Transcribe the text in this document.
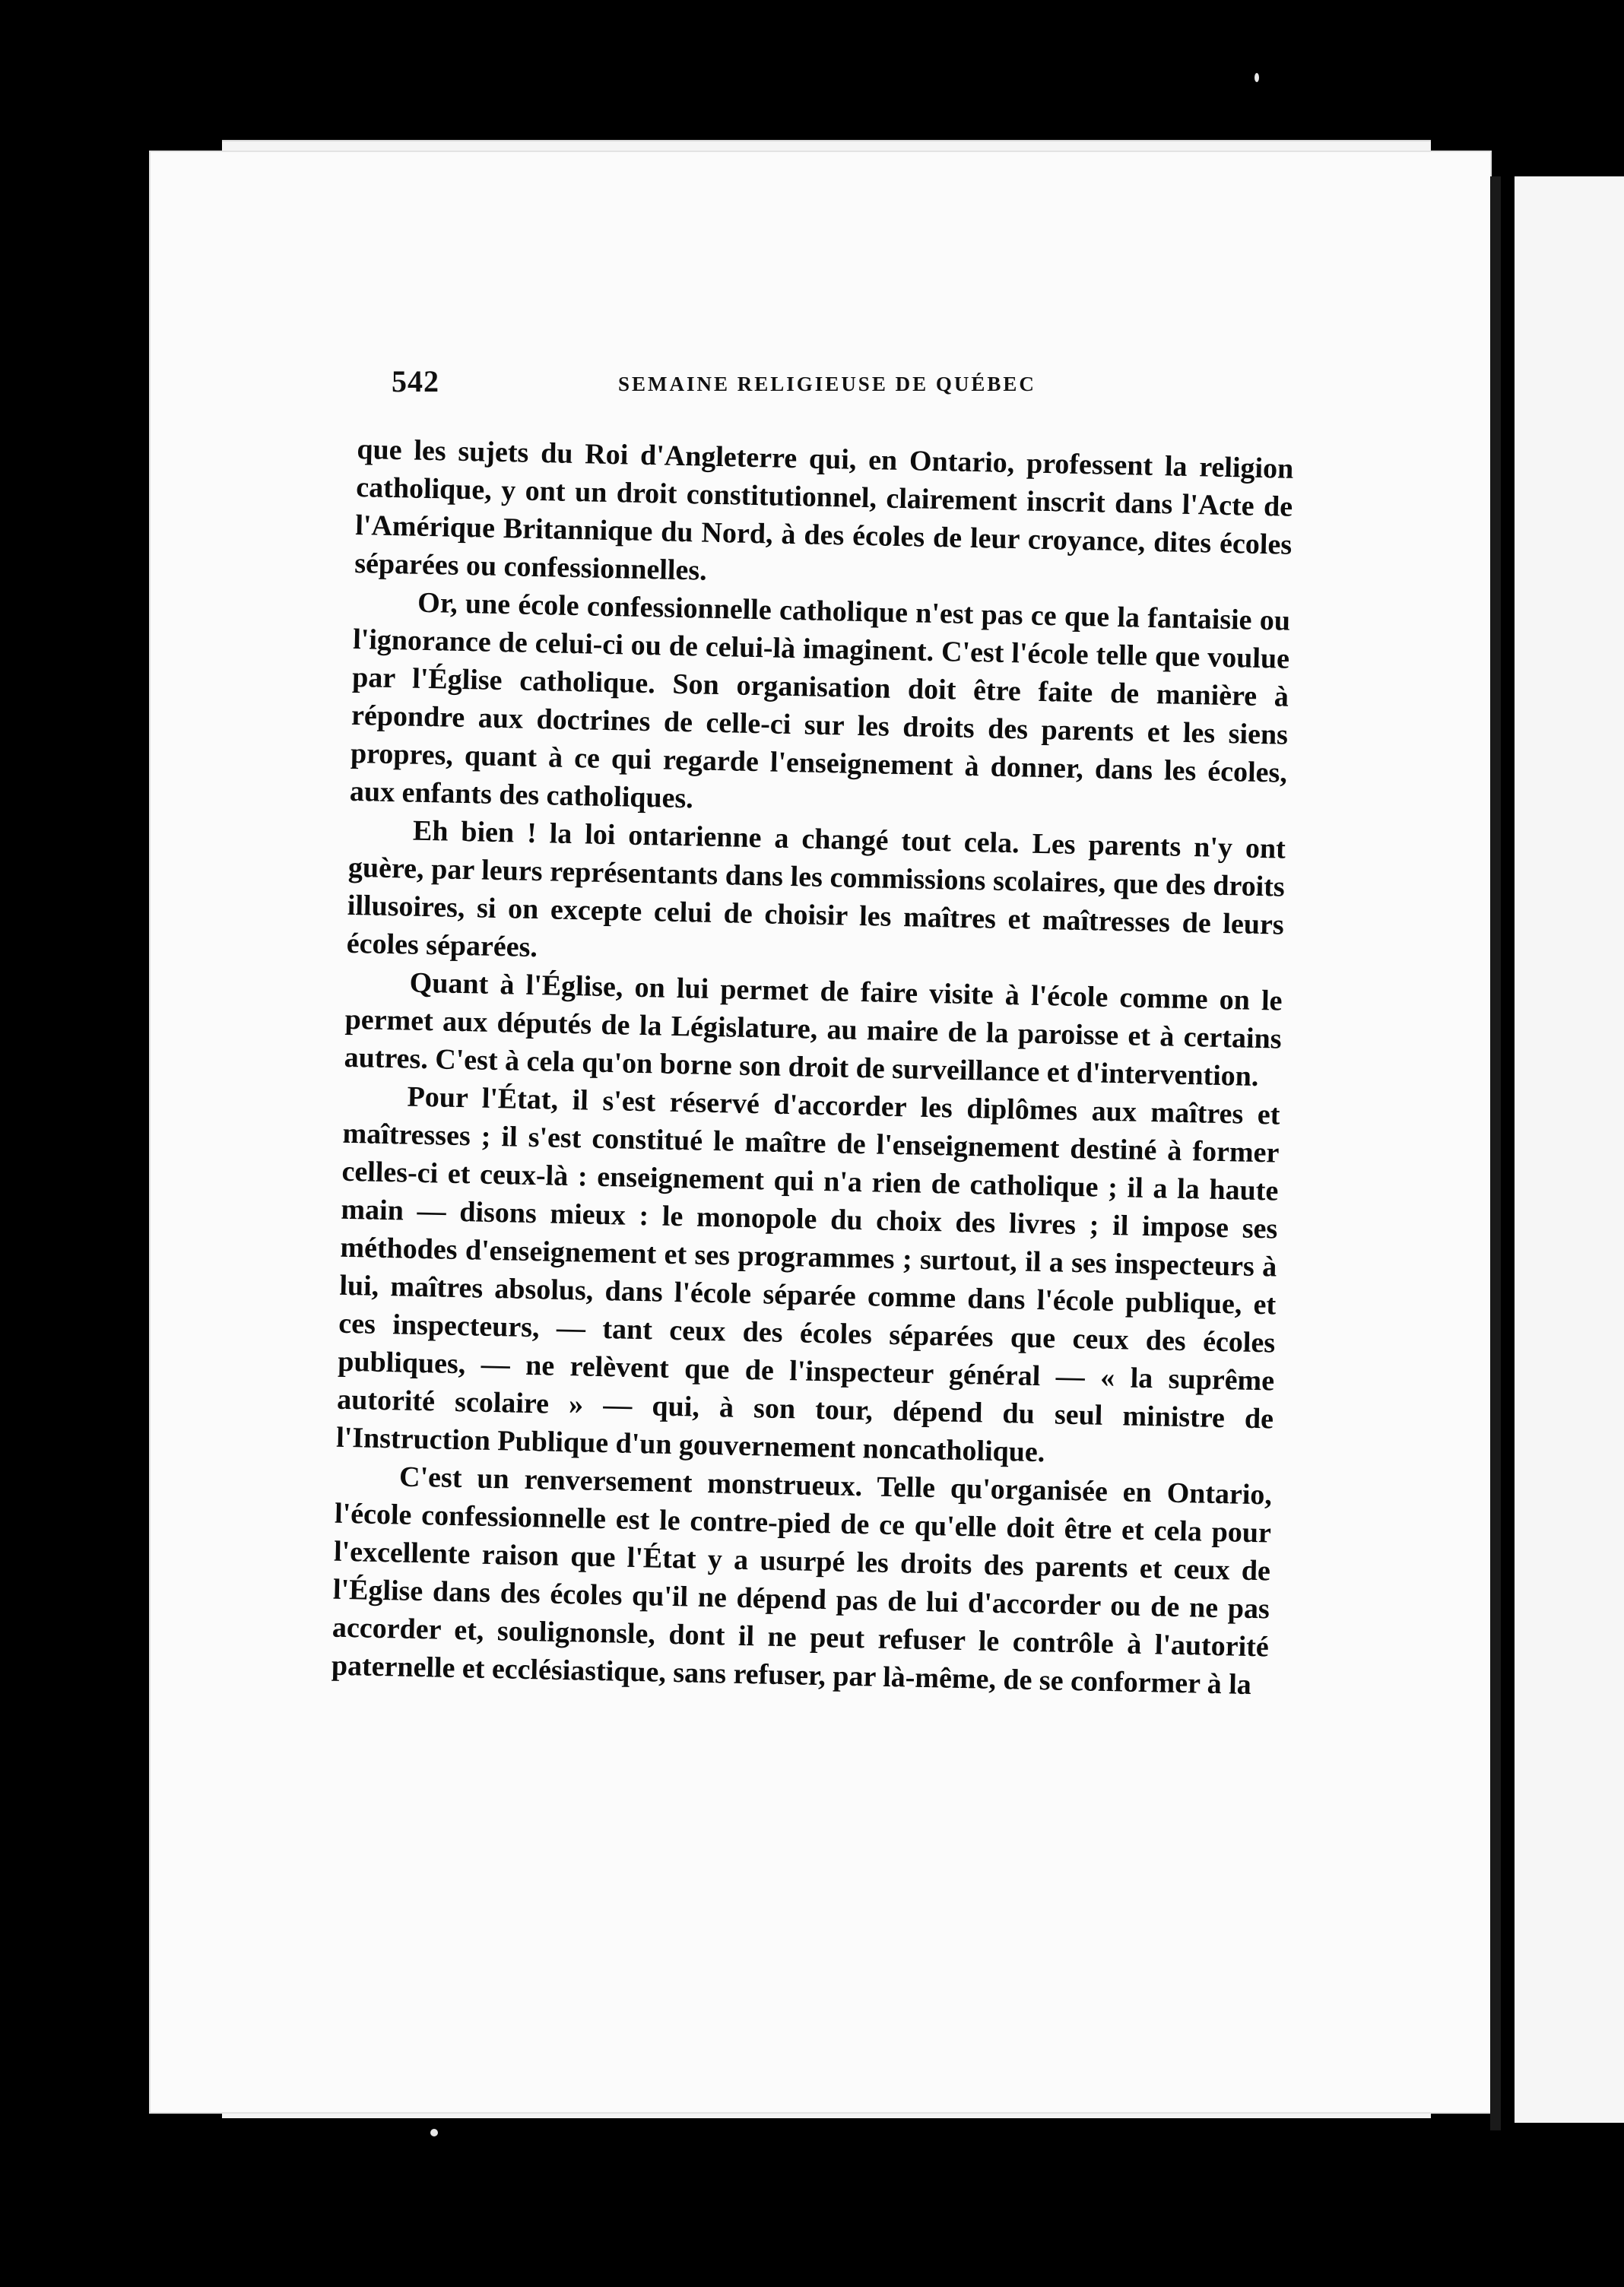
542	SEMAINE RELIGIEUSE DE QUÉBEC

que les sujets du Roi d'Angleterre qui, en Ontario, professent la religion catholique, y ont un droit constitutionnel, clairement inscrit dans l'Acte de l'Amérique Britannique du Nord, à des écoles de leur croyance, dites écoles séparées ou confessionnelles.

Or, une école confessionnelle catholique n'est pas ce que la fantaisie ou l'ignorance de celui-ci ou de celui-là imaginent. C'est l'école telle que voulue par l'Église catholique. Son organisation doit être faite de manière à répondre aux doctrines de celle-ci sur les droits des parents et les siens propres, quant à ce qui regarde l'enseignement à donner, dans les écoles, aux enfants des catholiques.

Eh bien ! la loi ontarienne a changé tout cela. Les parents n'y ont guère, par leurs représentants dans les commissions scolaires, que des droits illusoires, si on excepte celui de choisir les maîtres et maîtresses de leurs écoles séparées.

Quant à l'Église, on lui permet de faire visite à l'école comme on le permet aux députés de la Législature, au maire de la paroisse et à certains autres. C'est à cela qu'on borne son droit de surveillance et d'intervention.

Pour l'État, il s'est réservé d'accorder les diplômes aux maîtres et maîtresses ; il s'est constitué le maître de l'enseignement destiné à former celles-ci et ceux-là : enseignement qui n'a rien de catholique ; il a la haute main — disons mieux : le monopole du choix des livres ; il impose ses méthodes d'enseignement et ses programmes ; surtout, il a ses inspecteurs à lui, maîtres absolus, dans l'école séparée comme dans l'école publique, et ces inspecteurs, — tant ceux des écoles séparées que ceux des écoles publiques, — ne relèvent que de l'inspecteur général — « la suprême autorité scolaire » — qui, à son tour, dépend du seul ministre de l'Instruction Publique d'un gouvernement noncatholique.

C'est un renversement monstrueux. Telle qu'organisée en Ontario, l'école confessionnelle est le contre-pied de ce qu'elle doit être et cela pour l'excellente raison que l'État y a usurpé les droits des parents et ceux de l'Église dans des écoles qu'il ne dépend pas de lui d'accorder ou de ne pas accorder et, soulignonsle, dont il ne peut refuser le contrôle à l'autorité paternelle et ecclésiastique, sans refuser, par là-même, de se conformer à la
